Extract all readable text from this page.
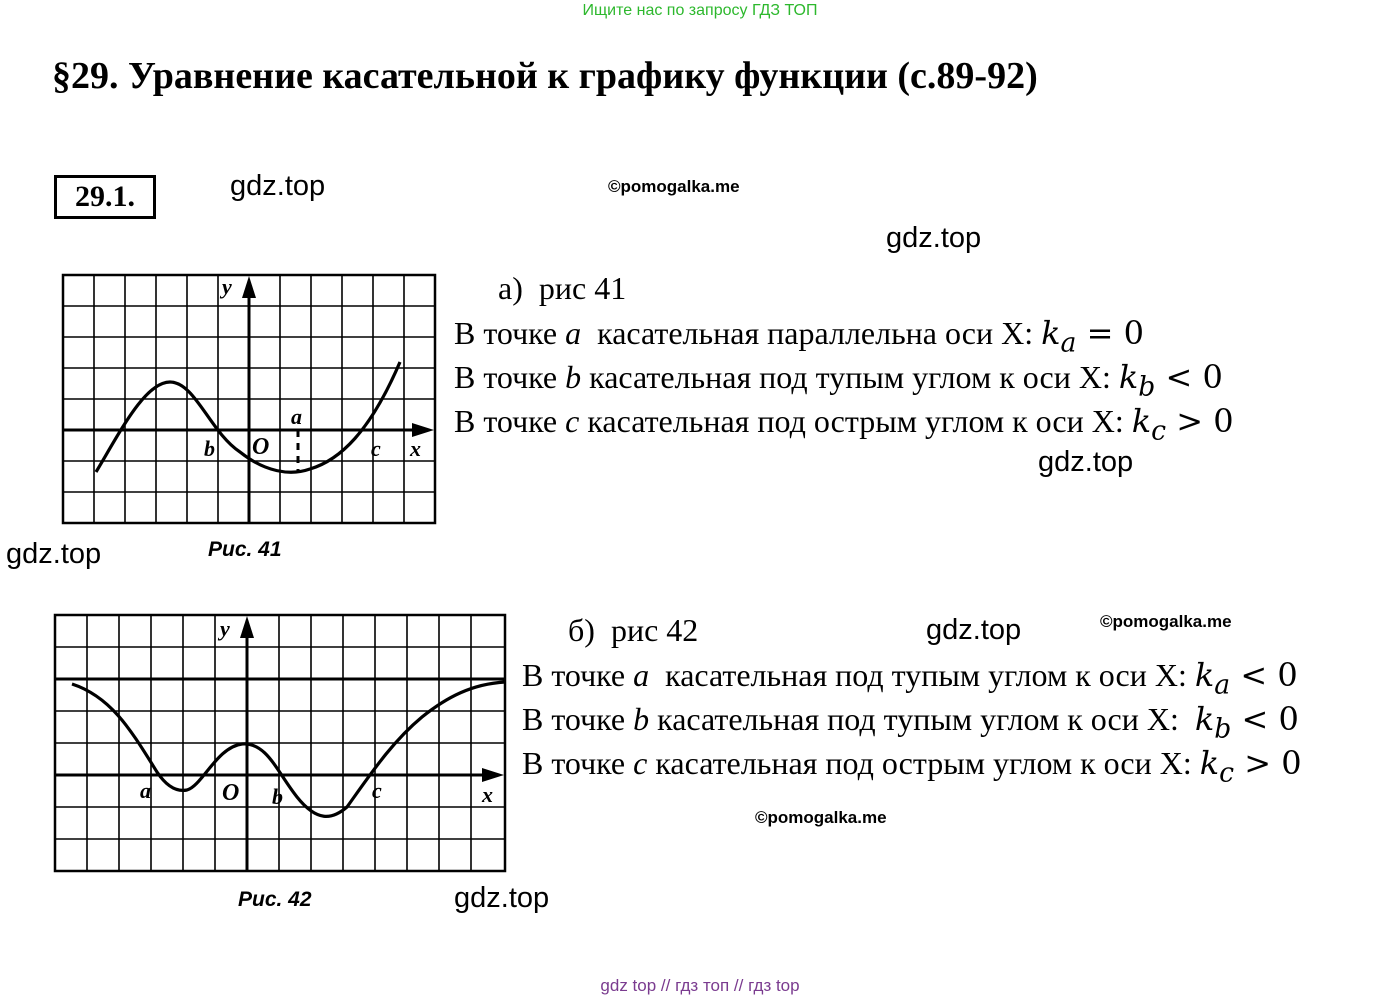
Ищите нас по запросу ГДЗ ТОП
§29. Уравнение касательной к графику функции (с.89-92)
29.1.	gdz.top	©pomogalka.me
gdz.top
gdz.top
gdz.top
gdz.top	©pomogalka.me
©pomogalka.me
gdz.top
y
x
O
a
b	c
Рис. 41
y
x
O
a	b	c
Рис. 42
а) рис 41
В точке a  касательная параллельна оси X: $k_a = 0$
В точке b касательная под тупым углом к оси X: $k_b < 0$
В точке c касательная под острым углом к оси X: $k_c > 0$
б) рис 42
В точке a  касательная под тупым углом к оси X: $k_a < 0$
В точке b касательная под тупым углом к оси X:  $k_b < 0$
В точке c касательная под острым углом к оси X: $k_c > 0$
gdz top // гдз топ // гдз top
